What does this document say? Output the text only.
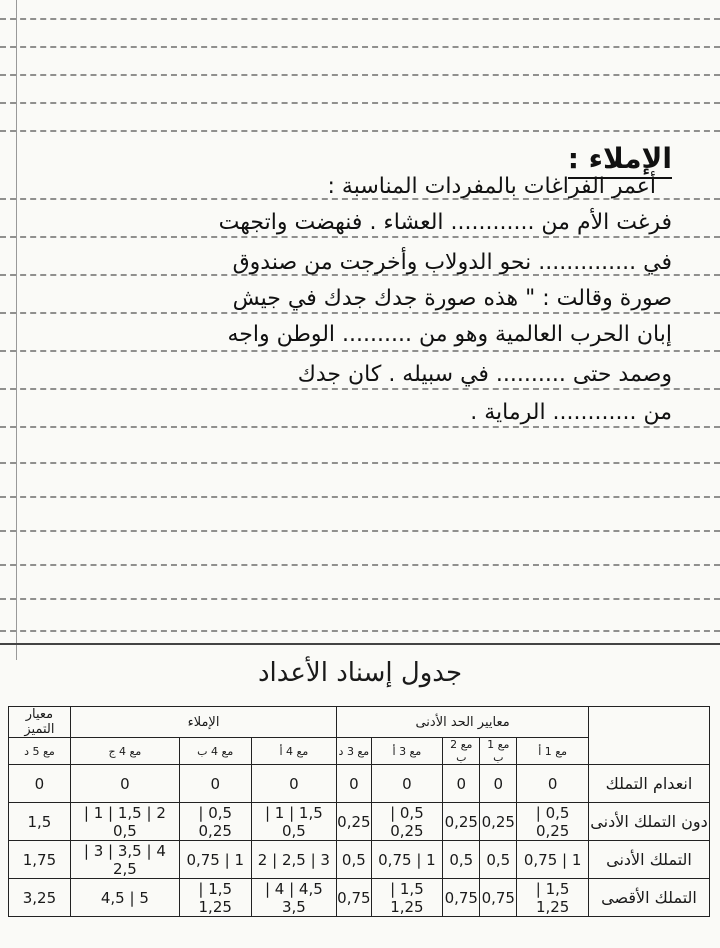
الإملاء :
أعمر الفراغات بالمفردات المناسبة :
فرغت الأم من ............ العشاء . فنهضت واتجهت
في .............. نحو الدولاب وأخرجت من صندوق
صورة وقالت : " هذه صورة جدك جدك في جيش
إبان الحرب العالمية وهو من .......... الوطن واجه
وصمد حتى .......... في سبيله . كان جدك
من ............ الرماية .
جدول إسناد الأعداد
	معايير الحد الأدنى					الإملاء			معيار التميز
	مع 1 أ	مع 1 ب	مع 2 ب	مع 3 أ	مع 3 د	مع 4 أ	مع 4 ب	مع 4 ج	مع 5 د
انعدام التملك	0	0	0	0	0	0	0	0	0
دون التملك الأدنى	0,5 | 0,25	0,25	0,25	0,5 | 0,25	0,25	1,5 | 1 | 0,5	0,5 | 0,25	2 | 1,5 | 1 | 0,5	1,5
التملك الأدنى	1 | 0,75	0,5	0,5	1 | 0,75	0,5	3 | 2,5 | 2	1 | 0,75	4 | 3,5 | 3 | 2,5	1,75
التملك الأقصى	1,5 | 1,25	0,75	0,75	1,5 | 1,25	0,75	4,5 | 4 | 3,5	1,5 | 1,25	5 | 4,5	3,25
